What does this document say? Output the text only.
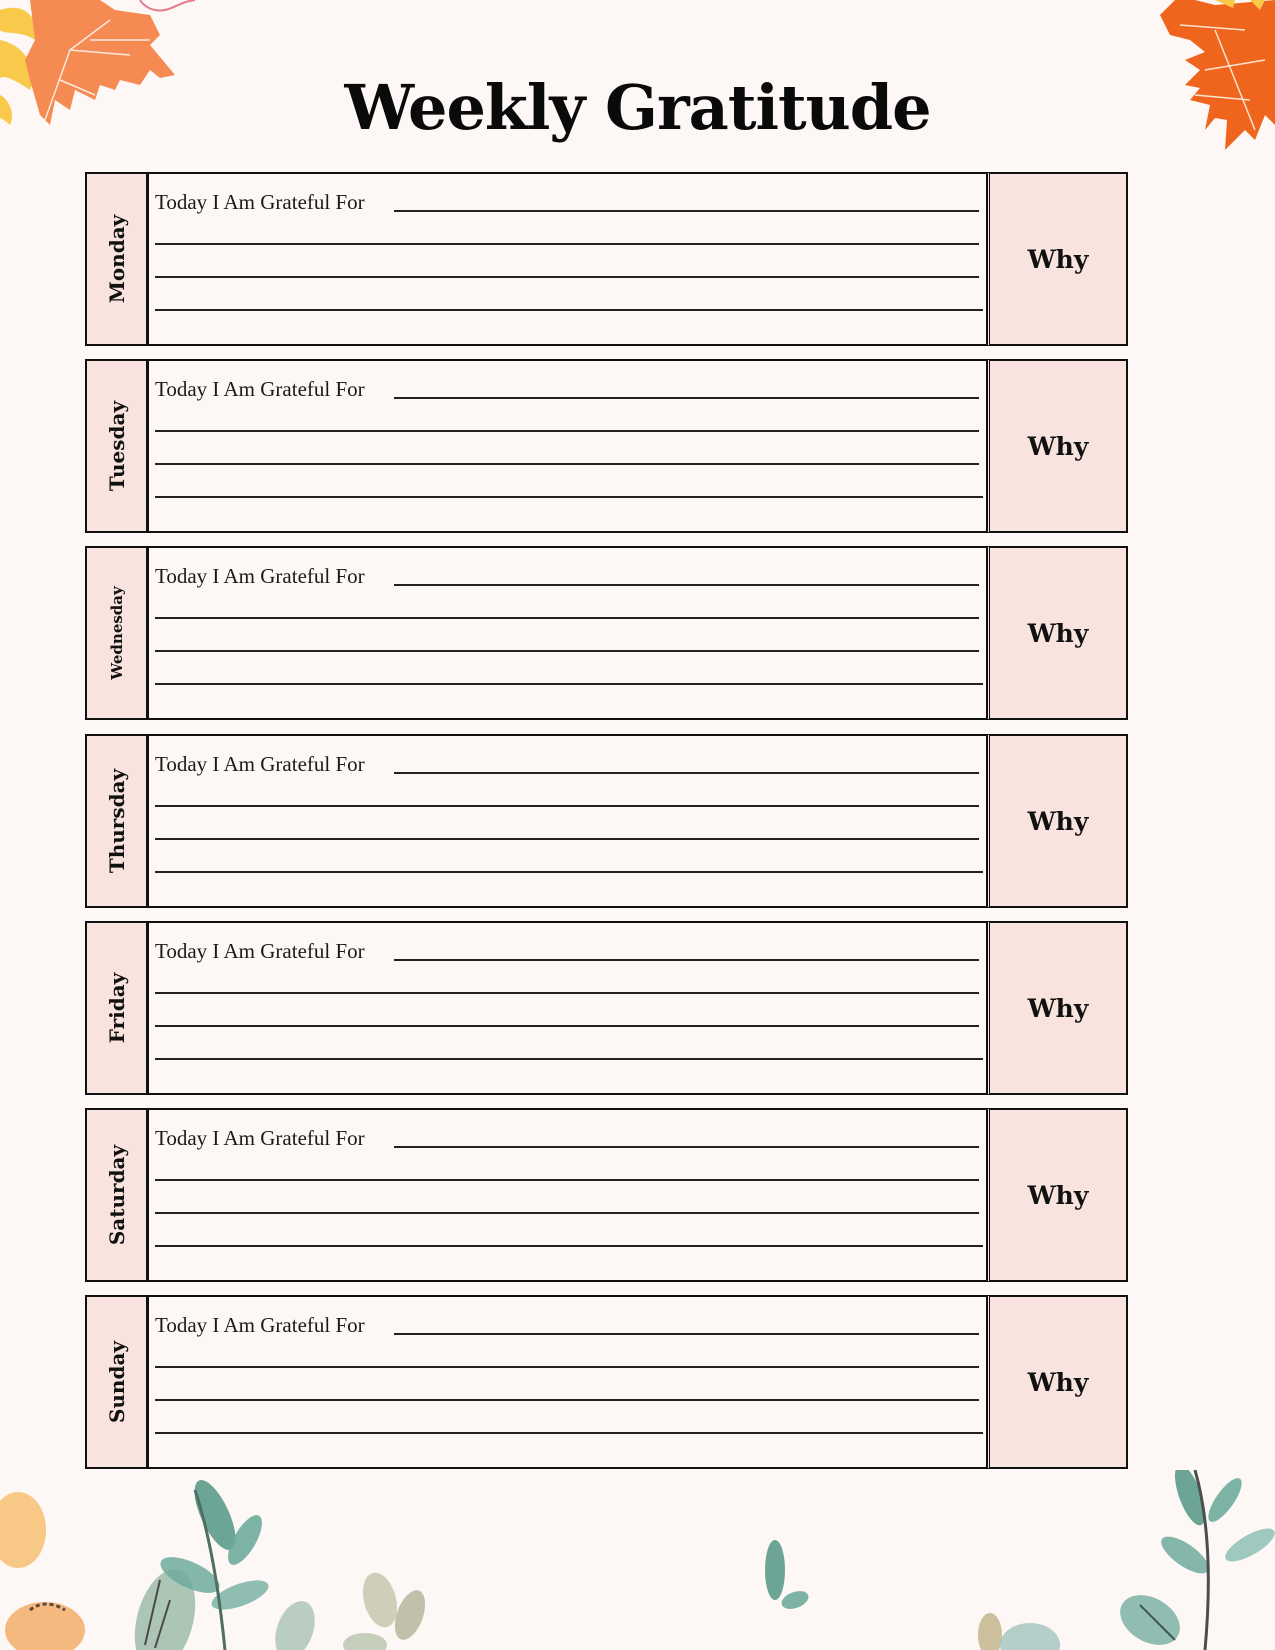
Weekly Gratitude
Monday
Today I Am Grateful For
Why
Tuesday
Today I Am Grateful For
Why
Wednesday
Today I Am Grateful For
Why
Thursday
Today I Am Grateful For
Why
Friday
Today I Am Grateful For
Why
Saturday
Today I Am Grateful For
Why
Sunday
Today I Am Grateful For
Why
